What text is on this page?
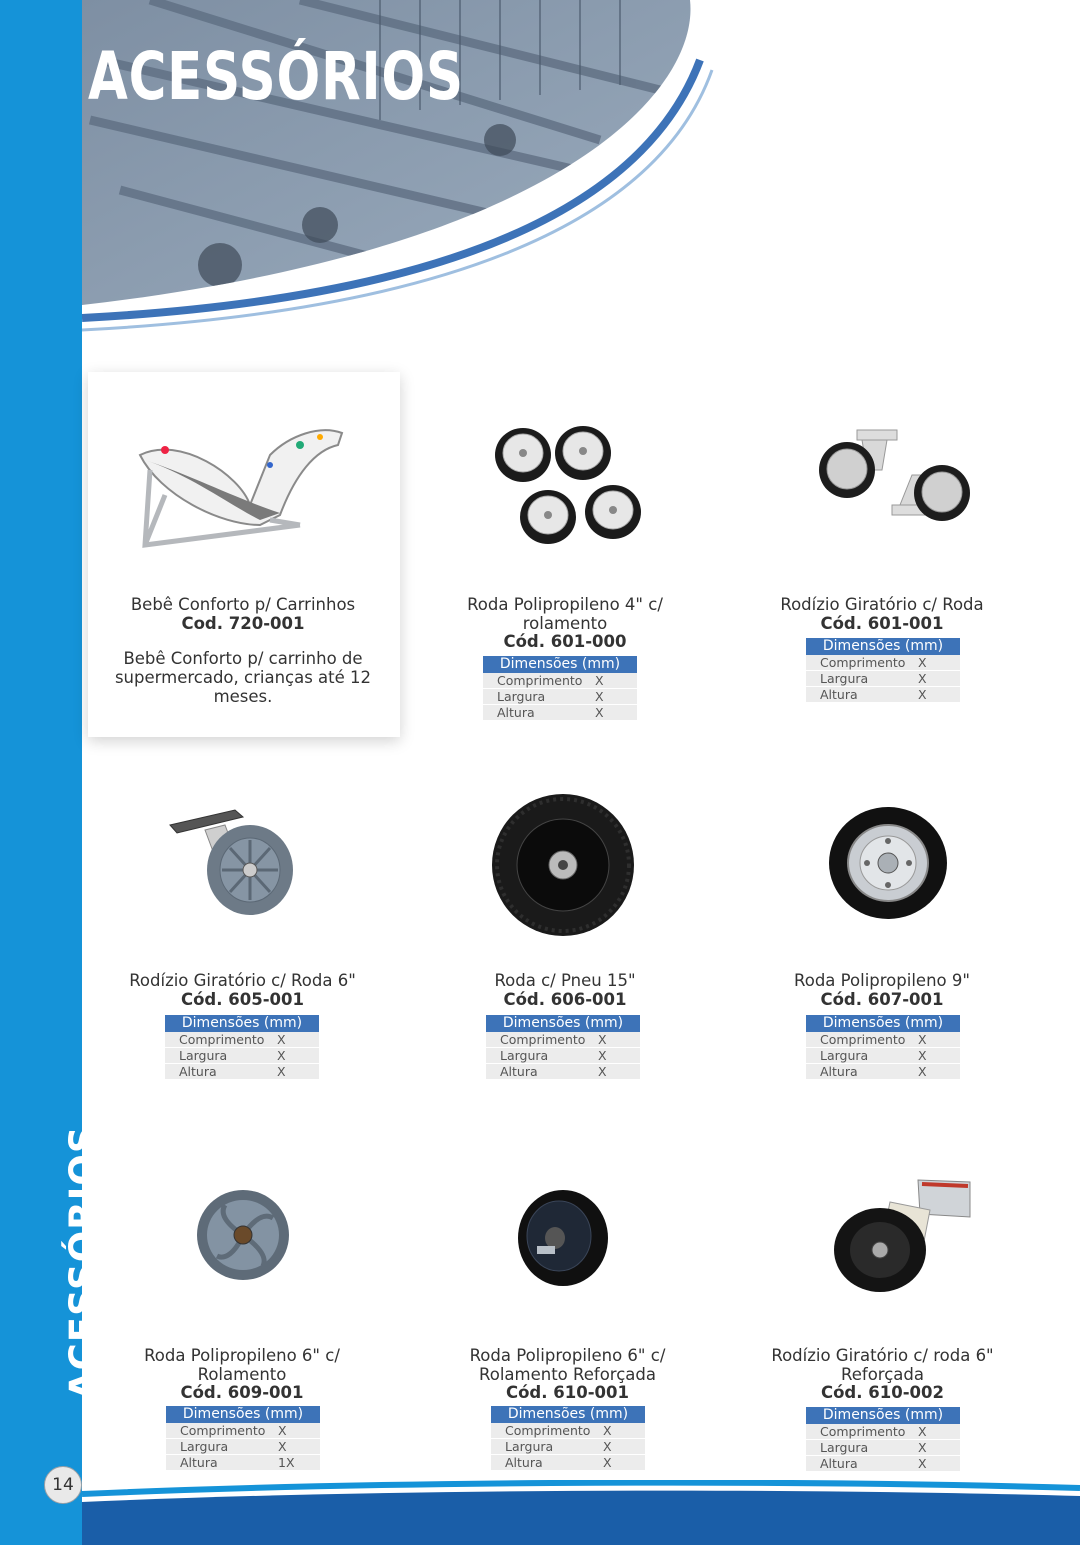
ACESSÓRIOS
ACESSÓRIOS
14
Bebê Conforto p/ Carrinhos
Cod. 720-001
Bebê Conforto p/ carrinho de supermercado, crianças até 12 meses.
Roda Polipropileno 4" c/ rolamento
Cód. 601-000
Dimensões (mm)
Comprimento	X
Largura	X
Altura	X
Rodízio Giratório c/ Roda
Cód. 601-001
Dimensões (mm)
Comprimento	X
Largura	X
Altura	X
Rodízio Giratório c/ Roda 6"
Cód. 605-001
Dimensões (mm)
Comprimento	X
Largura	X
Altura	X
Roda c/ Pneu 15"
Cód. 606-001
Dimensões (mm)
Comprimento	X
Largura	X
Altura	X
Roda Polipropileno 9"
Cód. 607-001
Dimensões (mm)
Comprimento	X
Largura	X
Altura	X
Roda Polipropileno 6" c/ Rolamento
Cód. 609-001
Dimensões (mm)
Comprimento	X
Largura	X
Altura	1X
Roda Polipropileno 6" c/ Rolamento Reforçada
Cód. 610-001
Dimensões (mm)
Comprimento	X
Largura	X
Altura	X
Rodízio Giratório c/ roda 6" Reforçada
Cód. 610-002
Dimensões (mm)
Comprimento	X
Largura	X
Altura	X
